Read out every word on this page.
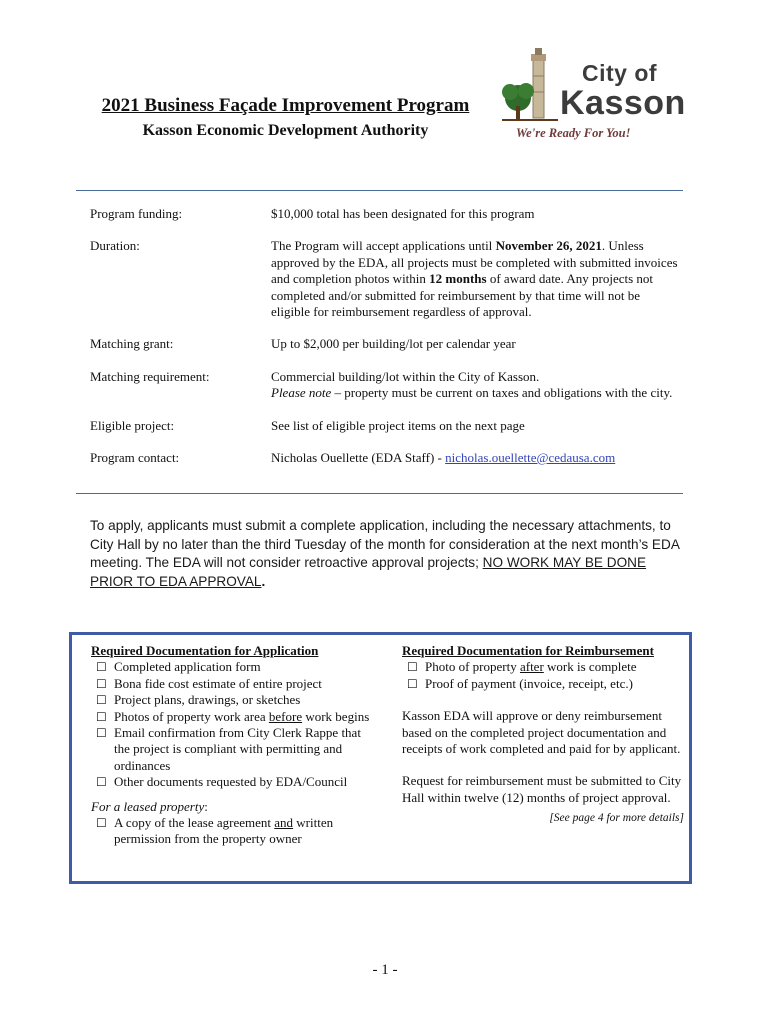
2021 Business Façade Improvement Program

Kasson Economic Development Authority

City of
Kasson
We're Ready For You!
Program funding:	$10,000 total has been designated for this program
Duration:	The Program will accept applications until November 26, 2021. Unless approved by the EDA, all projects must be completed with submitted invoices and completion photos within 12 months of award date. Any projects not completed and/or submitted for reimbursement by that time will not be eligible for reimbursement regardless of approval.
Matching grant:	Up to $2,000 per building/lot per calendar year
Matching requirement:	Commercial building/lot within the City of Kasson.
Please note – property must be current on taxes and obligations with the city.
Eligible project:	See list of eligible project items on the next page
Program contact:	Nicholas Ouellette (EDA Staff) - nicholas.ouellette@cedausa.com
To apply, applicants must submit a complete application, including the necessary attachments, to City Hall by no later than the third Tuesday of the month for consideration at the next month’s EDA meeting. The EDA will not consider retroactive approval projects; NO WORK MAY BE DONE PRIOR TO EDA APPROVAL.
Required Documentation for Application
☐ Completed application form
☐ Bona fide cost estimate of entire project
☐ Project plans, drawings, or sketches
☐ Photos of property work area before work begins
☐ Email confirmation from City Clerk Rappe that the project is compliant with permitting and ordinances
☐ Other documents requested by EDA/Council
For a leased property:
☐ A copy of the lease agreement and written permission from the property owner
Required Documentation for Reimbursement
☐ Photo of property after work is complete
☐ Proof of payment (invoice, receipt, etc.)
Kasson EDA will approve or deny reimbursement based on the completed project documentation and receipts of work completed and paid for by applicant.
Request for reimbursement must be submitted to City Hall within twelve (12) months of project approval.
[See page 4 for more details]
- 1 -
